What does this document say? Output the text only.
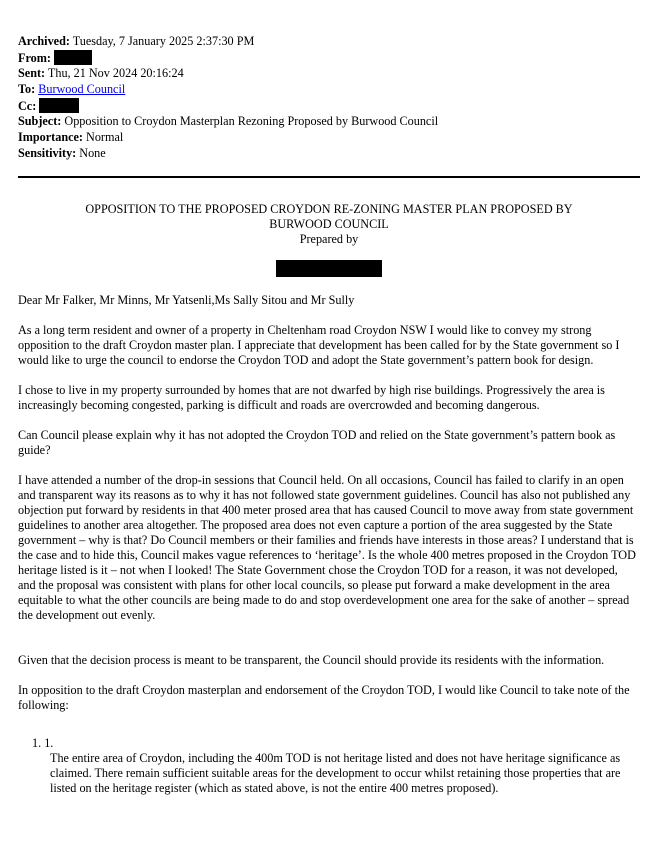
Archived: Tuesday, 7 January 2025 2:37:30 PM
From:
Sent: Thu, 21 Nov 2024 20:16:24
To: Burwood Council
Cc:
Subject: Opposition to Croydon Masterplan Rezoning Proposed by Burwood Council
Importance: Normal
Sensitivity: None
OPPOSITION TO THE PROPOSED CROYDON RE-ZONING MASTER PLAN PROPOSED BY
BURWOOD COUNCIL
Prepared by

Dear Mr Falker, Mr Minns, Mr Yatsenli,Ms Sally Sitou and Mr Sully

As a long term resident and owner of a property in Cheltenham road Croydon NSW I would like to convey my strong opposition to the draft Croydon master plan. I appreciate that development has been called for by the State government so I would like to urge the council to endorse the Croydon TOD and adopt the State government’s pattern book for design.

I chose to live in my property surrounded by homes that are not dwarfed by high rise buildings. Progressively the area is increasingly becoming congested, parking is difficult and roads are overcrowded and becoming dangerous.

Can Council please explain why it has not adopted the Croydon TOD and relied on the State government’s pattern book as guide?

I have attended a number of the drop-in sessions that Council held. On all occasions, Council has failed to clarify in an open and transparent way its reasons as to why it has not followed state government guidelines. Council has also not published any objection put forward by residents in that 400 meter prosed area that has caused Council to move away from state government guidelines to another area altogether. The proposed area does not even capture a portion of the area suggested by the State government – why is that? Do Council members or their families and friends have interests in those areas? I understand that is the case and to hide this, Council makes vague references to ‘heritage’. Is the whole 400 metres proposed in the Croydon TOD heritage listed is it – not when I looked! The State Government chose the Croydon TOD for a reason, it was not developed, and the proposal was consistent with plans for other local councils, so please put forward a make development in the area equitable to what the other councils are being made to do and stop overdevelopment one area for the sake of another – spread the development out evenly.

Given that the decision process is meant to be transparent, the Council should provide its residents with the information.

In opposition to the draft Croydon masterplan and endorsement of the Croydon TOD, I would like Council to take note of the following:

1. 1.
The entire area of Croydon, including the 400m TOD is not heritage listed and does not have heritage significance as claimed. There remain sufficient suitable areas for the development to occur whilst retaining those properties that are listed on the heritage register (which as stated above, is not the entire 400 metres proposed).
